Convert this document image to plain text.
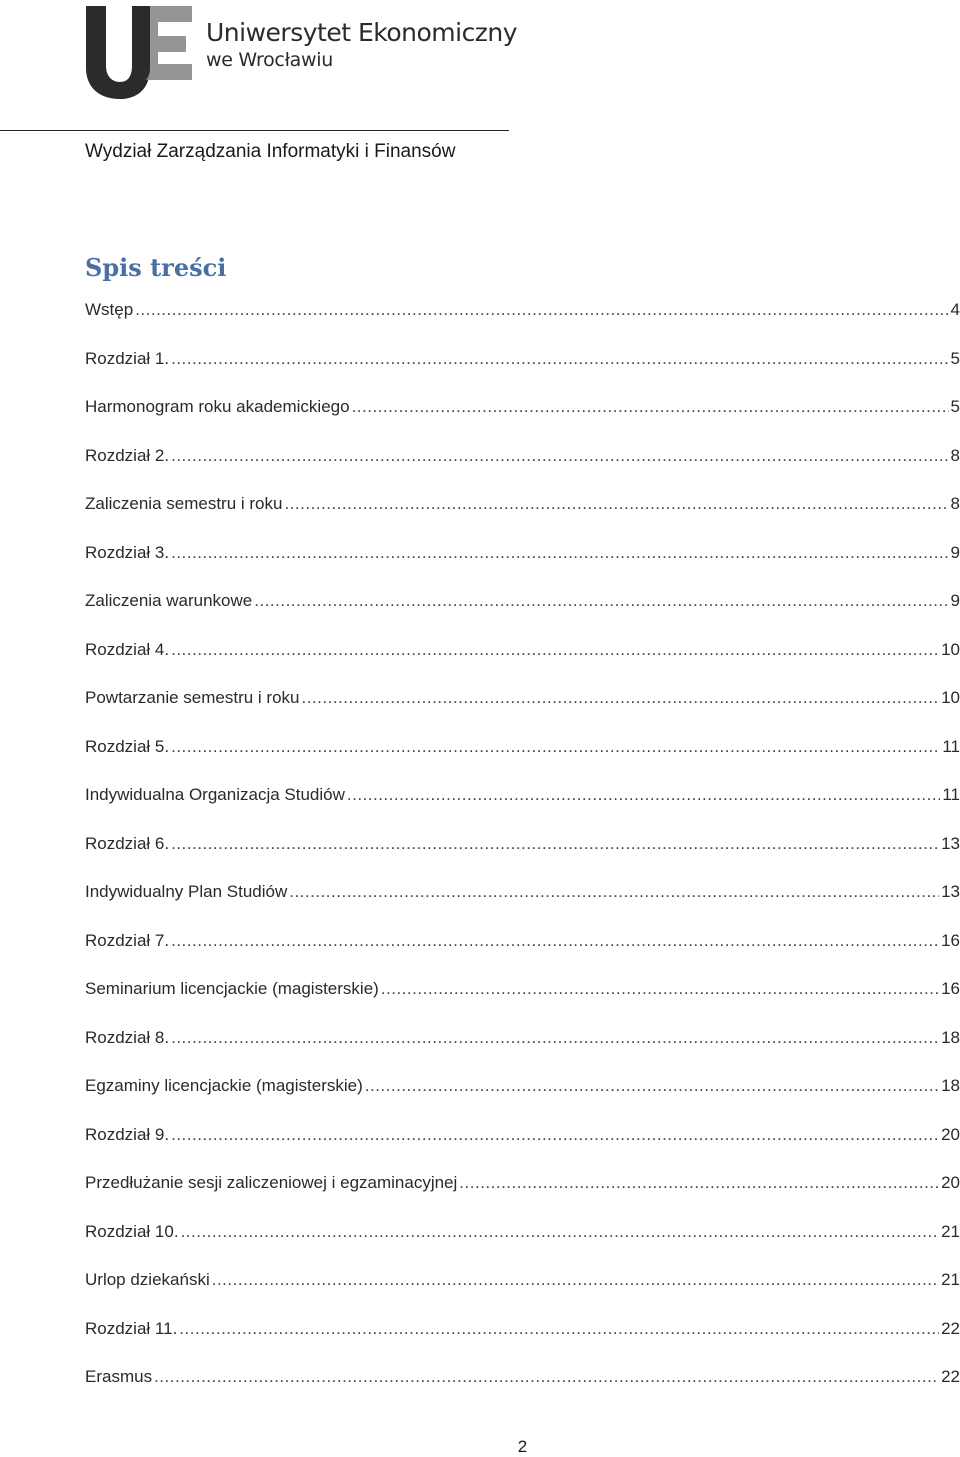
Uniwersytet Ekonomiczny
we Wrocławiu
Wydział Zarządzania Informatyki i Finansów
Spis treści
Wstęp .....	4
Rozdział 1. .....	5
Harmonogram roku akademickiego .....	5
Rozdział 2. .....	8
Zaliczenia semestru i roku .....	8
Rozdział 3. .....	9
Zaliczenia warunkowe .....	9
Rozdział 4. .....	10
Powtarzanie semestru i roku .....	10
Rozdział 5. .....	11
Indywidualna Organizacja Studiów .....	11
Rozdział 6. .....	13
Indywidualny Plan Studiów .....	13
Rozdział 7. .....	16
Seminarium licencjackie (magisterskie) .....	16
Rozdział 8. .....	18
Egzaminy licencjackie (magisterskie) .....	18
Rozdział 9. .....	20
Przedłużanie sesji zaliczeniowej i egzaminacyjnej .....	20
Rozdział 10. .....	21
Urlop dziekański .....	21
Rozdział 11. .....	22
Erasmus .....	22
2
